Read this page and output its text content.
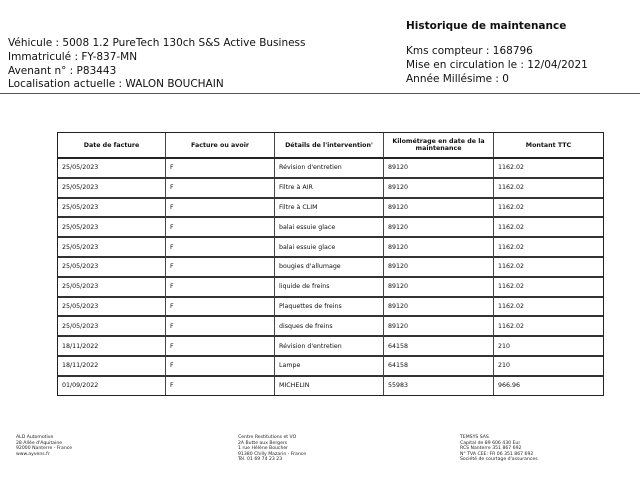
Véhicule : 5008 1.2 PureTech 130ch S&S Active Business
Immatriculé : FY-837-MN
Avenant n° : P83443
Localisation actuelle : WALON BOUCHAIN
Historique de maintenance
Kms compteur : 168796
Mise en circulation le : 12/04/2021
Année Millésime : 0
Date de facture	Facture ou avoir	Détails de l'intervention'	Kilométrage en date de la maintenance	Montant TTC
25/05/2023	F	Révision d'entretien	89120	1162.02
25/05/2023	F	Filtre à AIR	89120	1162.02
25/05/2023	F	Filtre à CLIM	89120	1162.02
25/05/2023	F	balai essuie glace	89120	1162.02
25/05/2023	F	balai essuie glace	89120	1162.02
25/05/2023	F	bougies d'allumage	89120	1162.02
25/05/2023	F	liquide de freins	89120	1162.02
25/05/2023	F	Plaquettes de freins	89120	1162.02
25/05/2023	F	disques de freins	89120	1162.02
18/11/2022	F	Révision d'entretien	64158	210
18/11/2022	F	Lampe	64158	210
01/09/2022	F	MICHELIN	55983	966.96
ALD Automotive
28 Allée d'Aquitaine
92000 Nanterre - France
www.ayvens.fr
Centre Restitutions et VO
2A Butte aux Bergers
1 rue Hélène Boucher
91380 Chilly Mazarin - France
Tél. 01 69 74 23 23
TEMSYS SAS
Capital de 89 606 430 Eur
RCS Nanterre 351 867 692
N° TVA CEE: FR 06 351 867 692
Société de courtage d'assurances
